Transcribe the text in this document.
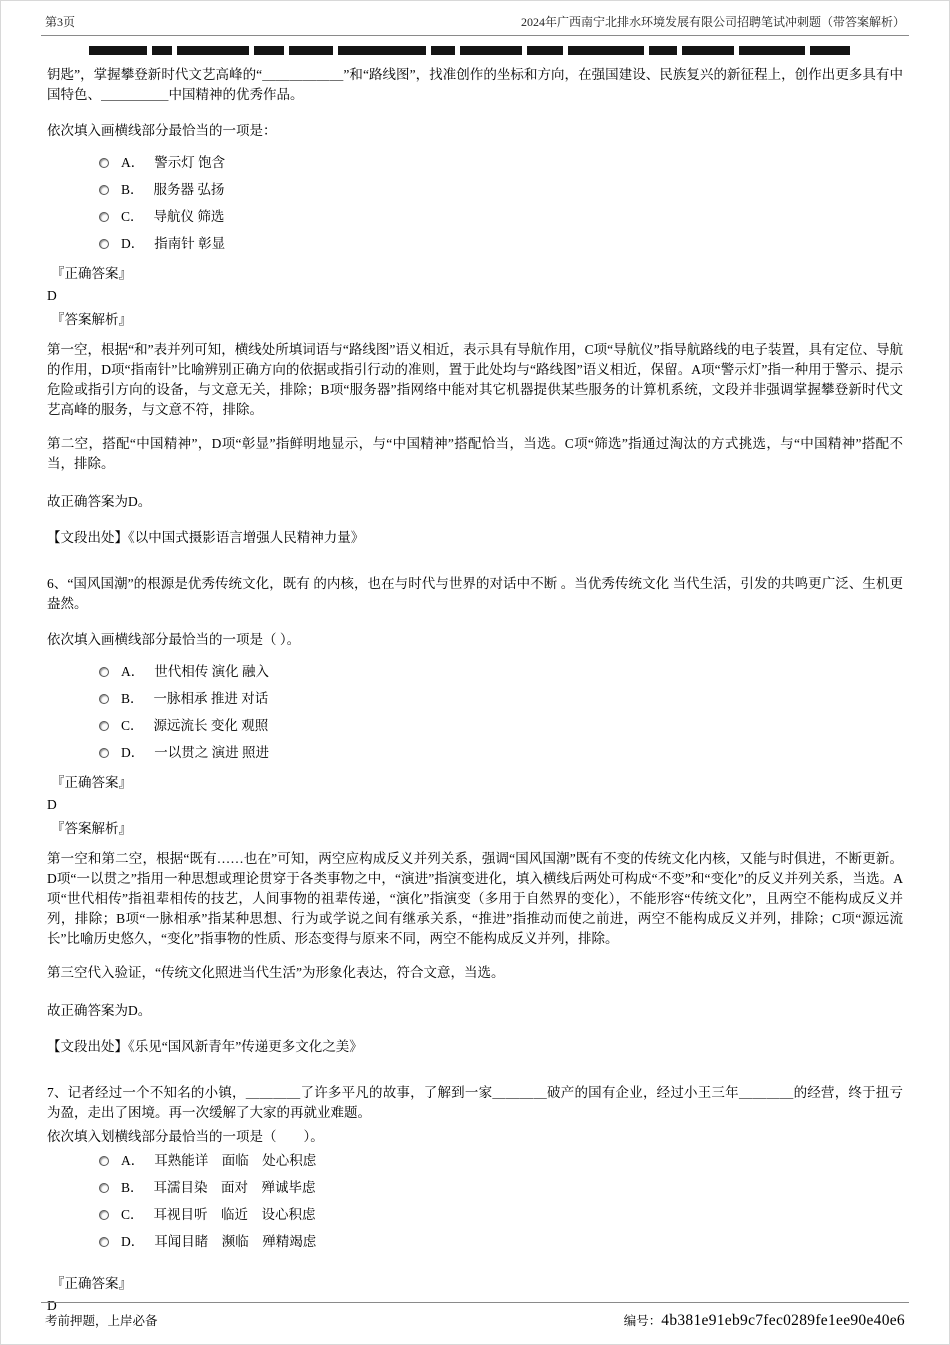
第3页	2024年广西南宁北排水环境发展有限公司招聘笔试冲刺题（带答案解析）

钥匙”，掌握攀登新时代文艺高峰的“＿＿＿＿＿＿”和“路线图”，找准创作的坐标和方向，在强国建设、民族复兴的新征程上，创作出更多具有中国特色、＿＿＿＿＿中国精神的优秀作品。

依次填入画横线部分最恰当的一项是：

A． 警示灯 饱含
B． 服务器 弘扬
C． 导航仪 筛选
D． 指南针 彰显

『正确答案』

D

『答案解析』

第一空，根据“和”表并列可知，横线处所填词语与“路线图”语义相近，表示具有导航作用，C项“导航仪”指导航路线的电子装置，具有定位、导航的作用，D项“指南针”比喻辨别正确方向的依据或指引行动的准则，置于此处均与“路线图”语义相近，保留。A项“警示灯”指一种用于警示、提示危险或指引方向的设备，与文意无关，排除；B项“服务器”指网络中能对其它机器提供某些服务的计算机系统，文段并非强调掌握攀登新时代文艺高峰的服务，与文意不符，排除。

第二空，搭配“中国精神”，D项“彰显”指鲜明地显示，与“中国精神”搭配恰当，当选。C项“筛选”指通过淘汰的方式挑选，与“中国精神”搭配不当，排除。

故正确答案为D。

【文段出处】《以中国式摄影语言增强人民精神力量》

6、“国风国潮”的根源是优秀传统文化，既有 的内核，也在与时代与世界的对话中不断 。当优秀传统文化 当代生活，引发的共鸣更广泛、生机更盎然。

依次填入画横线部分最恰当的一项是（ ）。

A． 世代相传 演化 融入
B． 一脉相承 推进 对话
C． 源远流长 变化 观照
D． 一以贯之 演进 照进

『正确答案』

D

『答案解析』

第一空和第二空，根据“既有……也在”可知，两空应构成反义并列关系，强调“国风国潮”既有不变的传统文化内核，又能与时俱进，不断更新。D项“一以贯之”指用一种思想或理论贯穿于各类事物之中，“演进”指演变进化，填入横线后两处可构成“不变”和“变化”的反义并列关系，当选。A项“世代相传”指祖辈相传的技艺，人间事物的祖辈传递，“演化”指演变（多用于自然界的变化），不能形容“传统文化”，且两空不能构成反义并列，排除；B项“一脉相承”指某种思想、行为或学说之间有继承关系，“推进”指推动而使之前进，两空不能构成反义并列，排除；C项“源远流长”比喻历史悠久，“变化”指事物的性质、形态变得与原来不同，两空不能构成反义并列，排除。

第三空代入验证，“传统文化照进当代生活”为形象化表达，符合文意，当选。

故正确答案为D。

【文段出处】《乐见“国风新青年”传递更多文化之美》

7、记者经过一个不知名的小镇，＿＿＿＿了许多平凡的故事，了解到一家＿＿＿＿破产的国有企业，经过小王三年＿＿＿＿的经营，终于扭亏为盈，走出了困境。再一次缓解了大家的再就业难题。

依次填入划横线部分最恰当的一项是（　　）。

A． 耳熟能详　面临　处心积虑
B． 耳濡目染　面对　殚诚毕虑
C． 耳视目听　临近　设心积虑
D． 耳闻目睹　濒临　殚精竭虑

『正确答案』

D

考前押题，上岸必备	编号：4b381e91eb9c7fec0289fe1ee90e40e6
